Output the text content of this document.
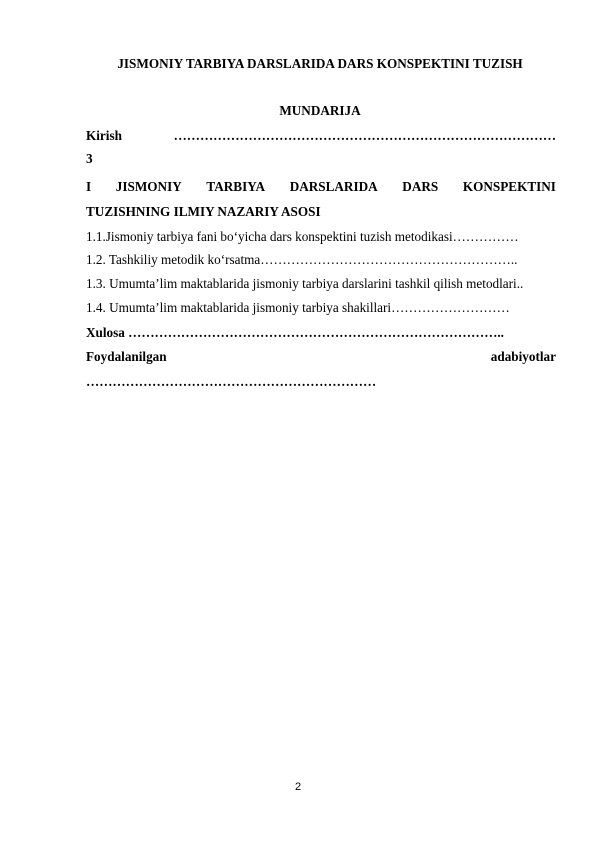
JISMONIY TARBIYA DARSLARIDA DARS KONSPEKTINI TUZISH
MUNDARIJA
Kirish	……………………………………………………………………………
3
I JISMONIY TARBIYA DARSLARIDA DARS KONSPEKTINI
TUZISHNING ILMIY NAZARIY ASOSI
1.1.Jismoniy tarbiya fani bo‘yicha dars konspektini tuzish metodikasi……………
1.2. Tashkiliy metodik ko‘rsatma…………………………………………………..
1.3. Umumta’lim maktablarida jismoniy tarbiya darslarini tashkil qilish metodlari..
1.4. Umumta’lim maktablarida jismoniy tarbiya shakillari………………………
Xulosa …………………………………………………………………………..
Foydalanilgan	adabiyotlar
…………………………………………………………
2
